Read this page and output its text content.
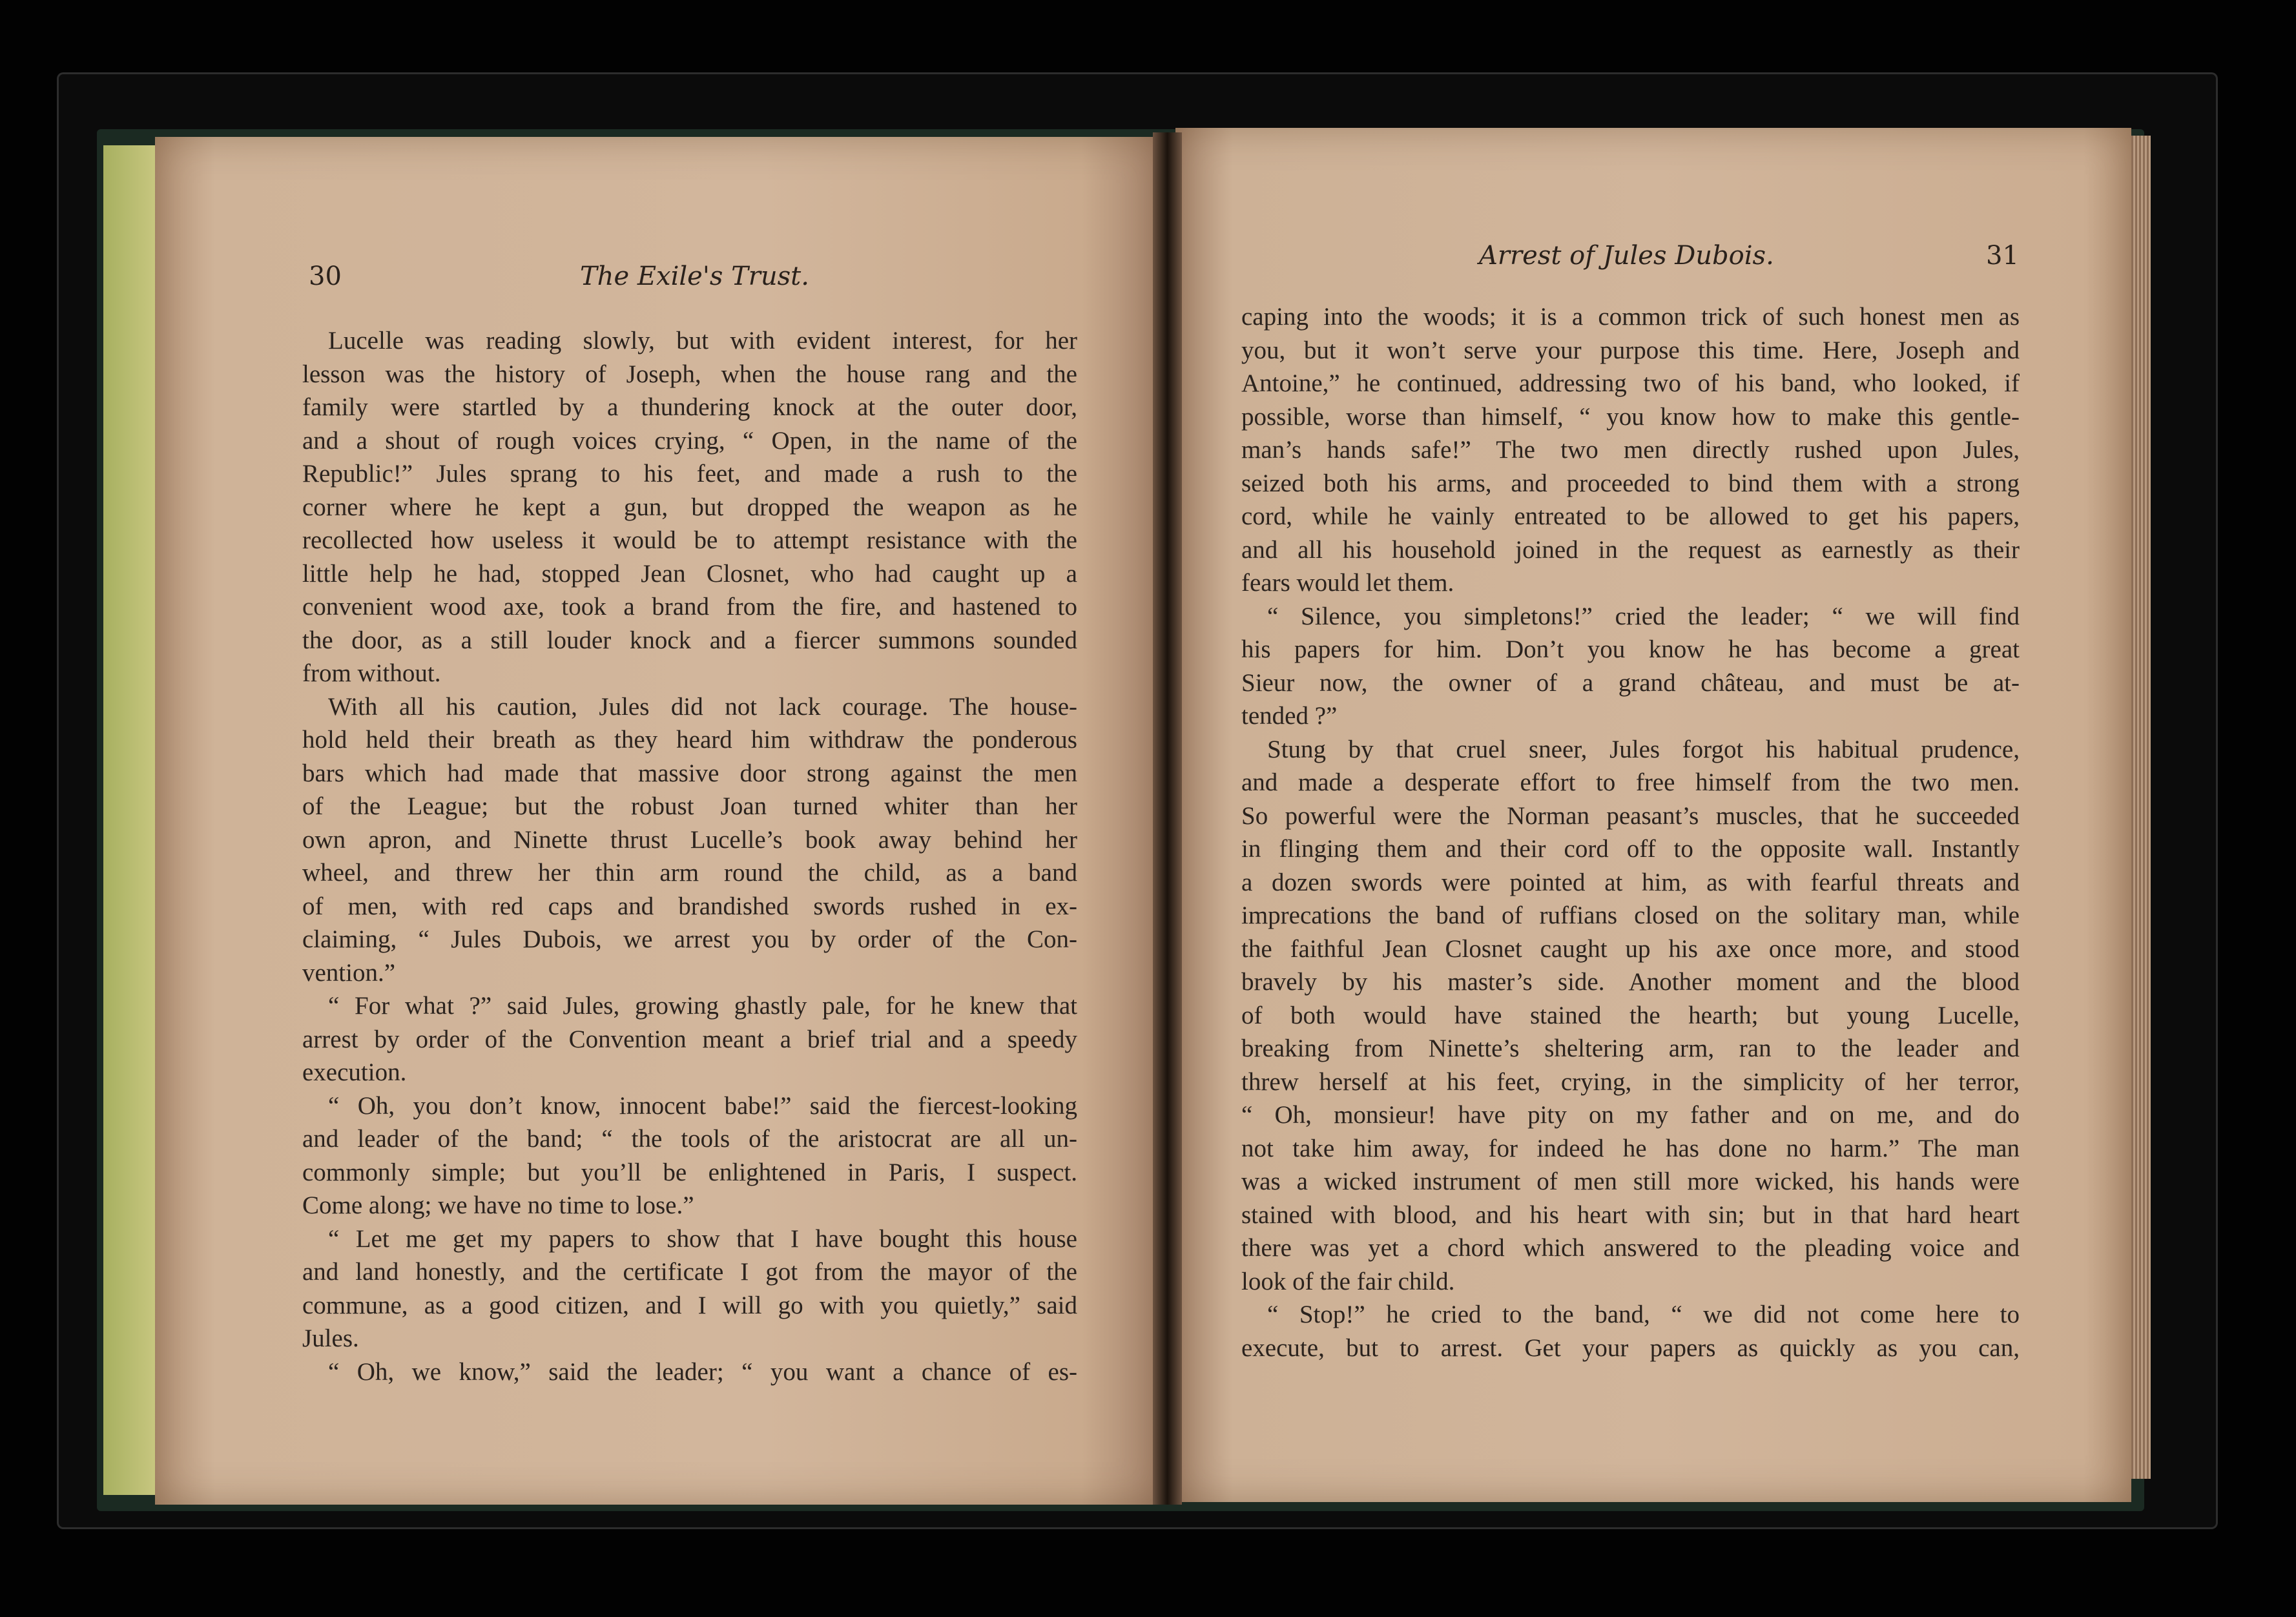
30	The Exile's Trust.
Arrest of Jules Dubois.	31
Lucelle was reading slowly, but with evident interest, for her
lesson was the history of Joseph, when the house rang and the
family were startled by a thundering knock at the outer door,
and a shout of rough voices crying, “ Open, in the name of the
Republic!” Jules sprang to his feet, and made a rush to the
corner where he kept a gun, but dropped the weapon as he
recollected how useless it would be to attempt resistance with the
little help he had, stopped Jean Closnet, who had caught up a
convenient wood axe, took a brand from the fire, and hastened to
the door, as a still louder knock and a fiercer summons sounded
from without.
With all his caution, Jules did not lack courage. The house-
hold held their breath as they heard him withdraw the ponderous
bars which had made that massive door strong against the men
of the League; but the robust Joan turned whiter than her
own apron, and Ninette thrust Lucelle’s book away behind her
wheel, and threw her thin arm round the child, as a band
of men, with red caps and brandished swords rushed in ex-
claiming, “ Jules Dubois, we arrest you by order of the Con-
vention.”
“ For what ?” said Jules, growing ghastly pale, for he knew that
arrest by order of the Convention meant a brief trial and a speedy
execution.
“ Oh, you don’t know, innocent babe!” said the fiercest-looking
and leader of the band; “ the tools of the aristocrat are all un-
commonly simple; but you’ll be enlightened in Paris, I suspect.
Come along; we have no time to lose.”
“ Let me get my papers to show that I have bought this house
and land honestly, and the certificate I got from the mayor of the
commune, as a good citizen, and I will go with you quietly,” said
Jules.
“ Oh, we know,” said the leader; “ you want a chance of es-
caping into the woods; it is a common trick of such honest men as
you, but it won’t serve your purpose this time. Here, Joseph and
Antoine,” he continued, addressing two of his band, who looked, if
possible, worse than himself, “ you know how to make this gentle-
man’s hands safe!” The two men directly rushed upon Jules,
seized both his arms, and proceeded to bind them with a strong
cord, while he vainly entreated to be allowed to get his papers,
and all his household joined in the request as earnestly as their
fears would let them.
“ Silence, you simpletons!” cried the leader; “ we will find
his papers for him. Don’t you know he has become a great
Sieur now, the owner of a grand château, and must be at-
tended ?”
Stung by that cruel sneer, Jules forgot his habitual prudence,
and made a desperate effort to free himself from the two men.
So powerful were the Norman peasant’s muscles, that he succeeded
in flinging them and their cord off to the opposite wall. Instantly
a dozen swords were pointed at him, as with fearful threats and
imprecations the band of ruffians closed on the solitary man, while
the faithful Jean Closnet caught up his axe once more, and stood
bravely by his master’s side. Another moment and the blood
of both would have stained the hearth; but young Lucelle,
breaking from Ninette’s sheltering arm, ran to the leader and
threw herself at his feet, crying, in the simplicity of her terror,
“ Oh, monsieur! have pity on my father and on me, and do
not take him away, for indeed he has done no harm.” The man
was a wicked instrument of men still more wicked, his hands were
stained with blood, and his heart with sin; but in that hard heart
there was yet a chord which answered to the pleading voice and
look of the fair child.
“ Stop!” he cried to the band, “ we did not come here to
execute, but to arrest. Get your papers as quickly as you can,
